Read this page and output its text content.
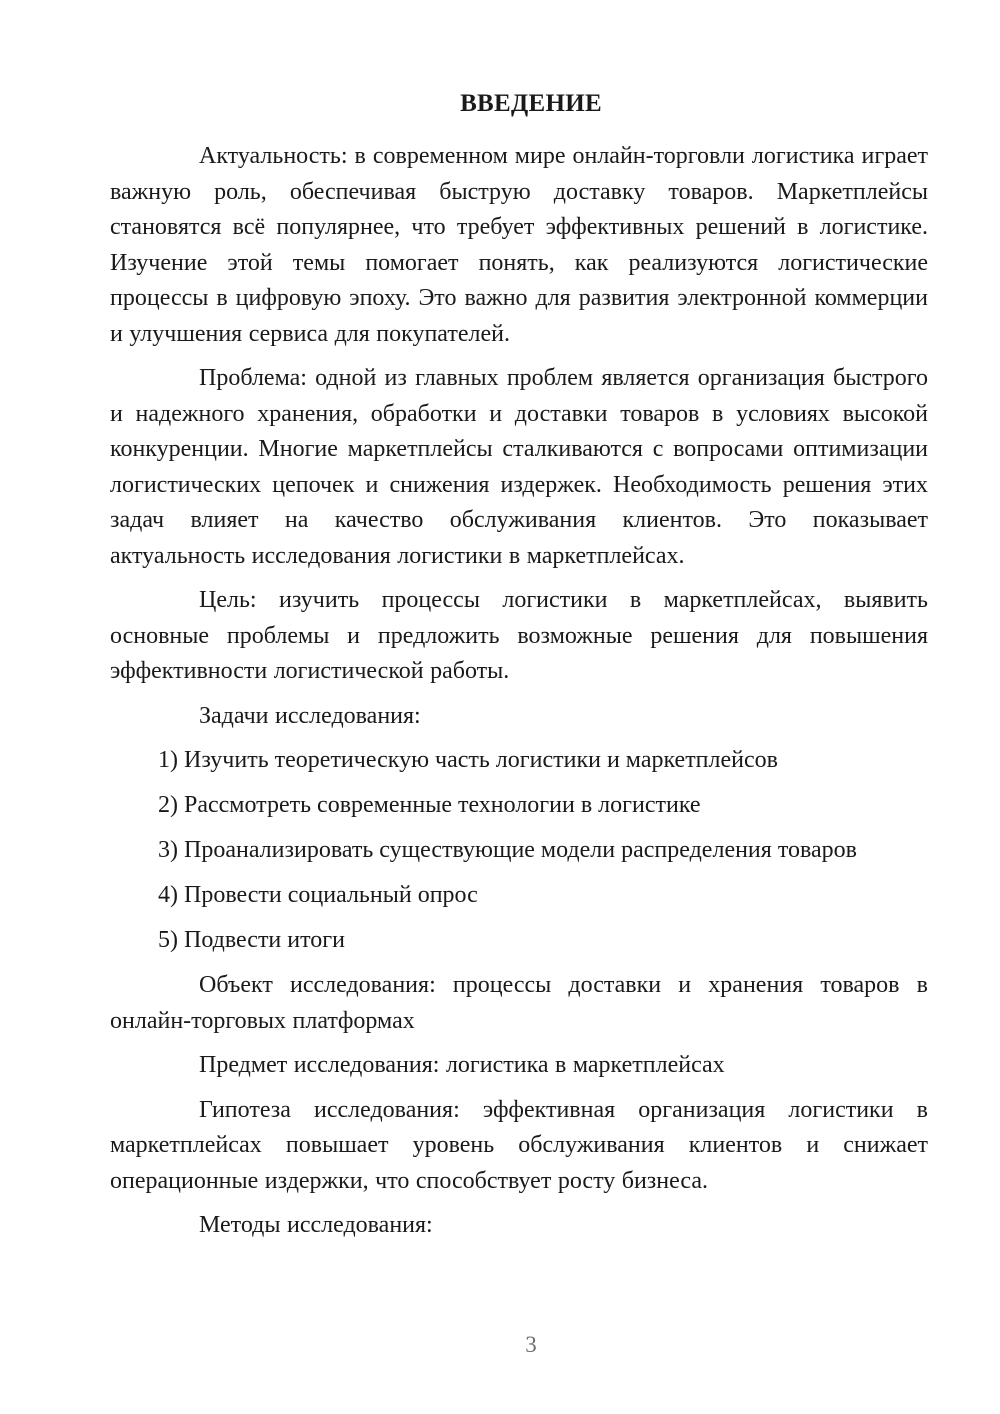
ВВЕДЕНИЕ

Актуальность: в современном мире онлайн-торговли логистика играет важную роль, обеспечивая быструю доставку товаров. Маркетплейсы становятся всё популярнее, что требует эффективных решений в логистике. Изучение этой темы помогает понять, как реализуются логистические процессы в цифровую эпоху. Это важно для развития электронной коммерции и улучшения сервиса для покупателей.

Проблема: одной из главных проблем является организация быстрого и надежного хранения, обработки и доставки товаров в условиях высокой конкуренции. Многие маркетплейсы сталкиваются с вопросами оптимизации логистических цепочек и снижения издержек. Необходимость решения этих задач влияет на качество обслуживания клиентов. Это показывает актуальность исследования логистики в маркетплейсах.

Цель: изучить процессы логистики в маркетплейсах, выявить основные проблемы и предложить возможные решения для повышения эффективности логистической работы.

Задачи исследования:

1) Изучить теоретическую часть логистики и маркетплейсов

2) Рассмотреть современные технологии в логистике

3) Проанализировать существующие модели распределения товаров

4) Провести социальный опрос

5) Подвести итоги

Объект исследования: процессы доставки и хранения товаров в онлайн-торговых платформах

Предмет исследования: логистика в маркетплейсах

Гипотеза исследования: эффективная организация логистики в маркетплейсах повышает уровень обслуживания клиентов и снижает операционные издержки, что способствует росту бизнеса.

Методы исследования:

3
